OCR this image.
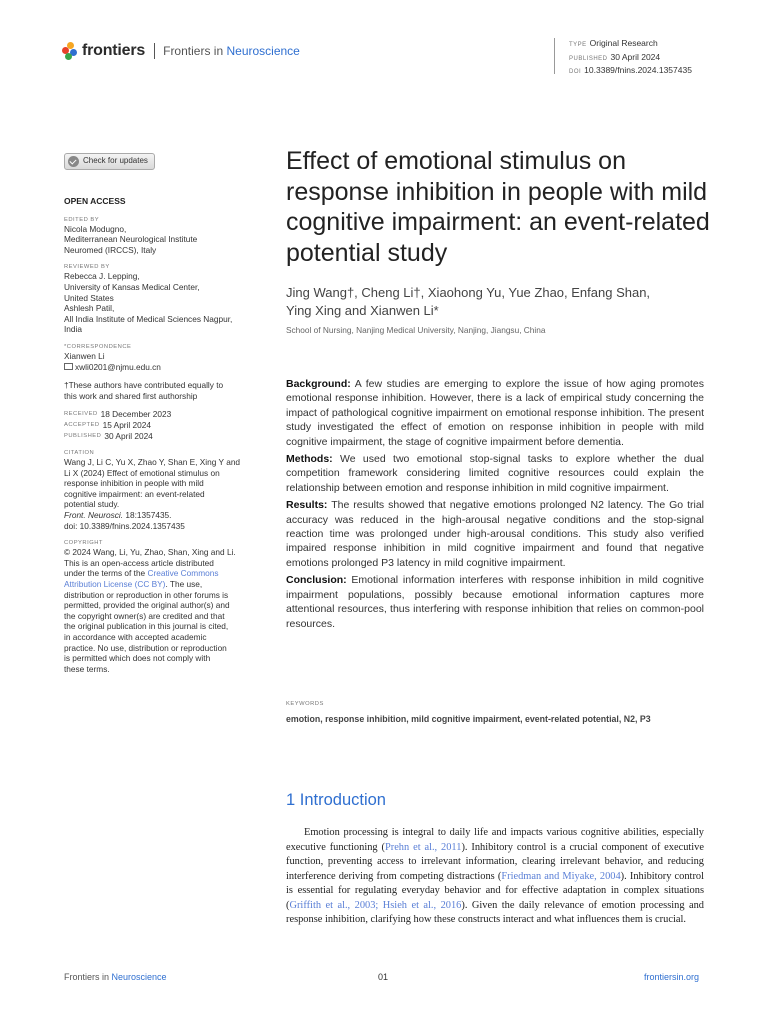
frontiers Frontiers in Neuroscience	TYPE Original Research
PUBLISHED 30 April 2024
DOI 10.3389/fnins.2024.1357435
Check for updates
OPEN ACCESS
EDITED BY
Nicola Modugno,
Mediterranean Neurological Institute
Neuromed (IRCCS), Italy
REVIEWED BY
Rebecca J. Lepping,
University of Kansas Medical Center,
United States
Ashlesh Patil,
All India Institute of Medical Sciences Nagpur,
India
*CORRESPONDENCE
Xianwen Li
xwli0201@njmu.edu.cn
†These authors have contributed equally to
this work and shared first authorship
RECEIVED 18 December 2023
ACCEPTED 15 April 2024
PUBLISHED 30 April 2024
CITATION
Wang J, Li C, Yu X, Zhao Y, Shan E, Xing Y and
Li X (2024) Effect of emotional stimulus on
response inhibition in people with mild
cognitive impairment: an event-related
potential study.
Front. Neurosci. 18:1357435.
doi: 10.3389/fnins.2024.1357435
COPYRIGHT
© 2024 Wang, Li, Yu, Zhao, Shan, Xing and Li.
This is an open-access article distributed
under the terms of the Creative Commons
Attribution License (CC BY). The use,
distribution or reproduction in other forums is
permitted, provided the original author(s) and
the copyright owner(s) are credited and that
the original publication in this journal is cited,
in accordance with accepted academic
practice. No use, distribution or reproduction
is permitted which does not comply with
these terms.
Effect of emotional stimulus on response inhibition in people with mild cognitive impairment: an event-related potential study
Jing Wang†, Cheng Li†, Xiaohong Yu, Yue Zhao, Enfang Shan,
Ying Xing and Xianwen Li*
School of Nursing, Nanjing Medical University, Nanjing, Jiangsu, China

Background: A few studies are emerging to explore the issue of how aging promotes emotional response inhibition. However, there is a lack of empirical study concerning the impact of pathological cognitive impairment on emotional response inhibition. The present study investigated the effect of emotion on response inhibition in people with mild cognitive impairment, the stage of cognitive impairment before dementia.

Methods: We used two emotional stop-signal tasks to explore whether the dual competition framework considering limited cognitive resources could explain the relationship between emotion and response inhibition in mild cognitive impairment.

Results: The results showed that negative emotions prolonged N2 latency. The Go trial accuracy was reduced in the high-arousal negative conditions and the stop-signal reaction time was prolonged under high-arousal conditions. This study also verified impaired response inhibition in mild cognitive impairment and found that negative emotions prolonged P3 latency in mild cognitive impairment.

Conclusion: Emotional information interferes with response inhibition in mild cognitive impairment populations, possibly because emotional information captures more attentional resources, thus interfering with response inhibition that relies on common-pool resources.

KEYWORDS
emotion, response inhibition, mild cognitive impairment, event-related potential, N2, P3
1 Introduction
Emotion processing is integral to daily life and impacts various cognitive abilities, especially executive functioning (Prehn et al., 2011). Inhibitory control is a crucial component of executive function, preventing access to irrelevant information, clearing irrelevant behavior, and reducing interference deriving from competing distractions (Friedman and Miyake, 2004). Inhibitory control is essential for regulating everyday behavior and for effective adaptation in complex situations (Griffith et al., 2003; Hsieh et al., 2016). Given the daily relevance of emotion processing and response inhibition, clarifying how these constructs interact and what influences them is crucial.
Frontiers in Neuroscience	01	frontiersin.org
